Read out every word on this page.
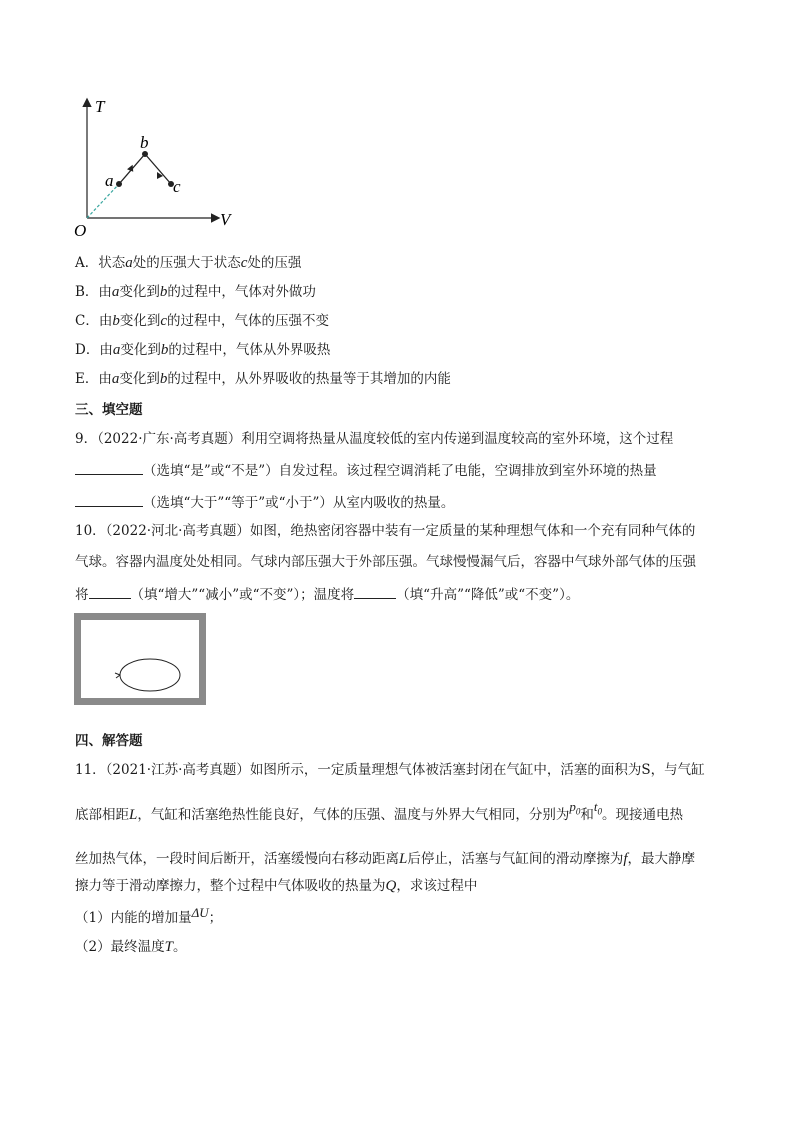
T
V
O
a
b
c
A．状态a处的压强大于状态c处的压强
B．由a变化到b的过程中，气体对外做功
C．由b变化到c的过程中，气体的压强不变
D．由a变化到b的过程中，气体从外界吸热
E．由a变化到b的过程中，从外界吸收的热量等于其增加的内能
三、填空题
9．（2022·广东·高考真题）利用空调将热量从温度较低的室内传递到温度较高的室外环境，这个过程
（选填“是”或“不是”）自发过程。该过程空调消耗了电能，空调排放到室外环境的热量
（选填“大于”“等于”或“小于”）从室内吸收的热量。
10．（2022·河北·高考真题）如图，绝热密闭容器中装有一定质量的某种理想气体和一个充有同种气体的
气球。容器内温度处处相同。气球内部压强大于外部压强。气球慢慢漏气后，容器中气球外部气体的压强
将	（填“增大”“减小”或“不变”）；温度将	（填“升高”“降低”或“不变”）。
四、解答题
11．（2021·江苏·高考真题）如图所示，一定质量理想气体被活塞封闭在气缸中，活塞的面积为S，与气缸
底部相距L，气缸和活塞绝热性能良好，气体的压强、温度与外界大气相同，分别为$p_0$和$t_0$。现接通电热
丝加热气体，一段时间后断开，活塞缓慢向右移动距离L后停止，活塞与气缸间的滑动摩擦为f，最大静摩
擦力等于滑动摩擦力，整个过程中气体吸收的热量为Q，求该过程中
（1）内能的增加量ΔU；
（2）最终温度T。
